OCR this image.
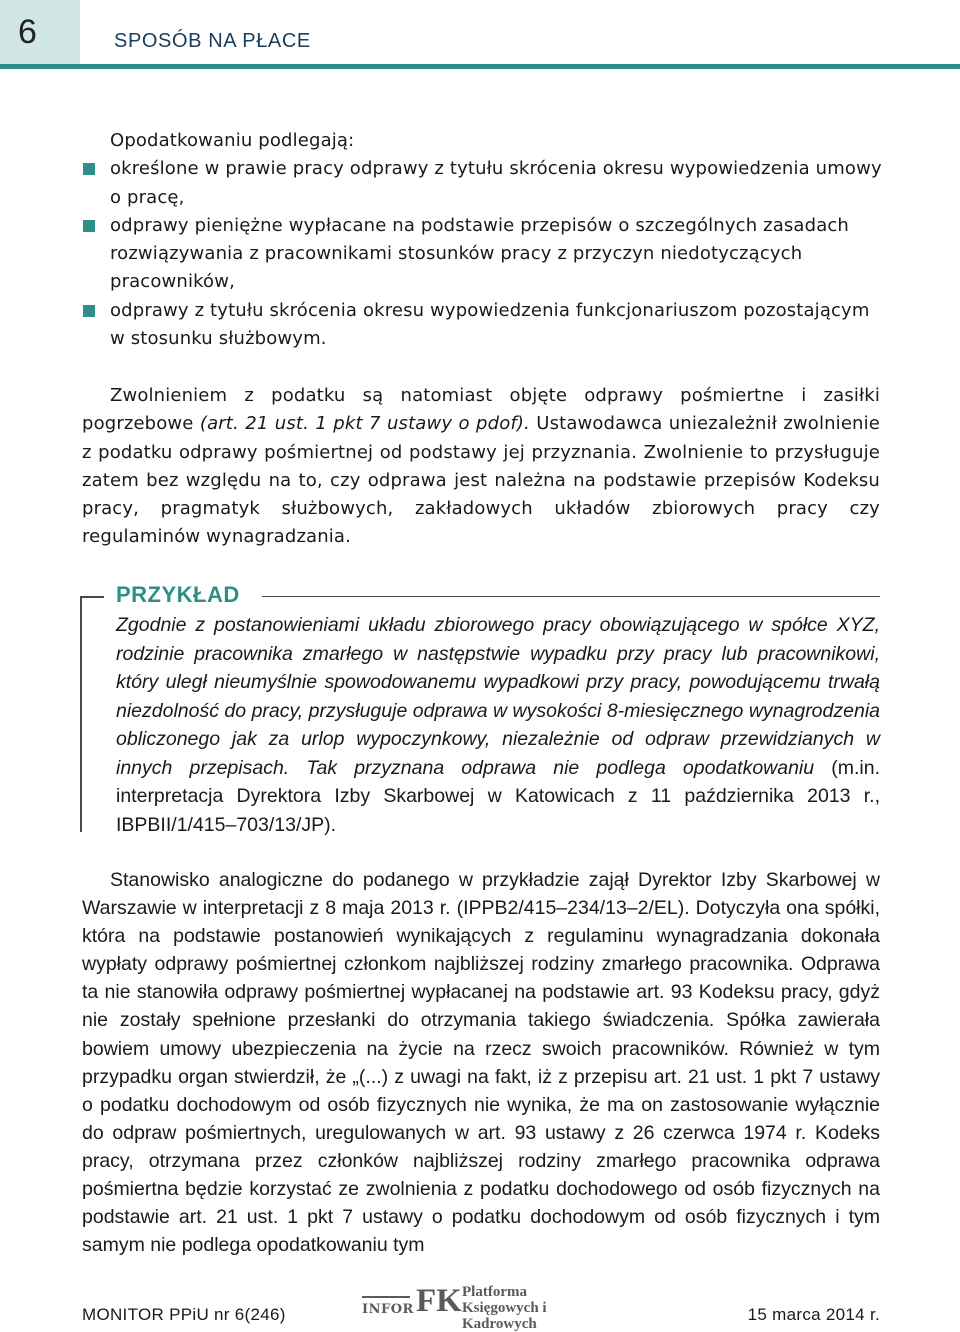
6	SPOSÓB NA PŁACE

Opodatkowaniu podlegają:

określone w prawie pracy odprawy z tytułu skrócenia okresu wypowiedzenia umowy o pracę,
odprawy pieniężne wypłacane na podstawie przepisów o szczególnych zasadach rozwiązywania z pracownikami stosunków pracy z przyczyn niedotyczących pracowników,
odprawy z tytułu skrócenia okresu wypowiedzenia funkcjonariuszom pozostającym w stosunku służbowym.

Zwolnieniem z podatku są natomiast objęte odprawy pośmiertne i zasiłki pogrzebowe (art. 21 ust. 1 pkt 7 ustawy o pdof). Ustawodawca uniezależnił zwolnienie z podatku odprawy pośmiertnej od podstawy jej przyznania. Zwolnienie to przysługuje zatem bez względu na to, czy odprawa jest należna na podstawie przepisów Kodeksu pracy, pragmatyk służbowych, zakładowych układów zbiorowych pracy czy regulaminów wynagradzania.

PRZYKŁAD
Zgodnie z postanowieniami układu zbiorowego pracy obowiązującego w spółce XYZ, rodzinie pracownika zmarłego w następstwie wypadku przy pracy lub pracownikowi, który uległ nieumyślnie spowodowanemu wypadkowi przy pracy, powodującemu trwałą niezdolność do pracy, przysługuje odprawa w wysokości 8-miesięcznego wynagrodzenia obliczonego jak za urlop wypoczynkowy, niezależnie od odpraw przewidzianych w innych przepisach. Tak przyznana odprawa nie podlega opodatkowaniu (m.in. interpretacja Dyrektora Izby Skarbowej w Katowicach z 11 października 2013 r., IBPBII/1/415–703/13/JP).

Stanowisko analogiczne do podanego w przykładzie zajął Dyrektor Izby Skarbowej w Warszawie w interpretacji z 8 maja 2013 r. (IPPB2/415–234/13–2/EL). Dotyczyła ona spółki, która na podstawie postanowień wynikających z regulaminu wynagradzania dokonała wypłaty odprawy pośmiertnej członkom najbliższej rodziny zmarłego pracownika. Odprawa ta nie stanowiła odprawy pośmiertnej wypłacanej na podstawie art. 93 Kodeksu pracy, gdyż nie zostały spełnione przesłanki do otrzymania takiego świadczenia. Spółka zawierała bowiem umowy ubezpieczenia na życie na rzecz swoich pracowników. Również w tym przypadku organ stwierdził, że „(...) z uwagi na fakt, iż z przepisu art. 21 ust. 1 pkt 7 ustawy o podatku dochodowym od osób fizycznych nie wynika, że ma on zastosowanie wyłącznie do odpraw pośmiertnych, uregulowanych w art. 93 ustawy z 26 czerwca 1974 r. Kodeks pracy, otrzymana przez członków najbliższej rodziny zmarłego pracownika odprawa pośmiertna będzie korzystać ze zwolnienia z podatku dochodowego od osób fizycznych na podstawie art. 21 ust. 1 pkt 7 ustawy o podatku dochodowym od osób fizycznych i tym samym nie podlega opodatkowaniu tym

MONITOR PPiU nr 6(246)	INFOR FK Platforma
Księgowych i Kadrowych	15 marca 2014 r.
